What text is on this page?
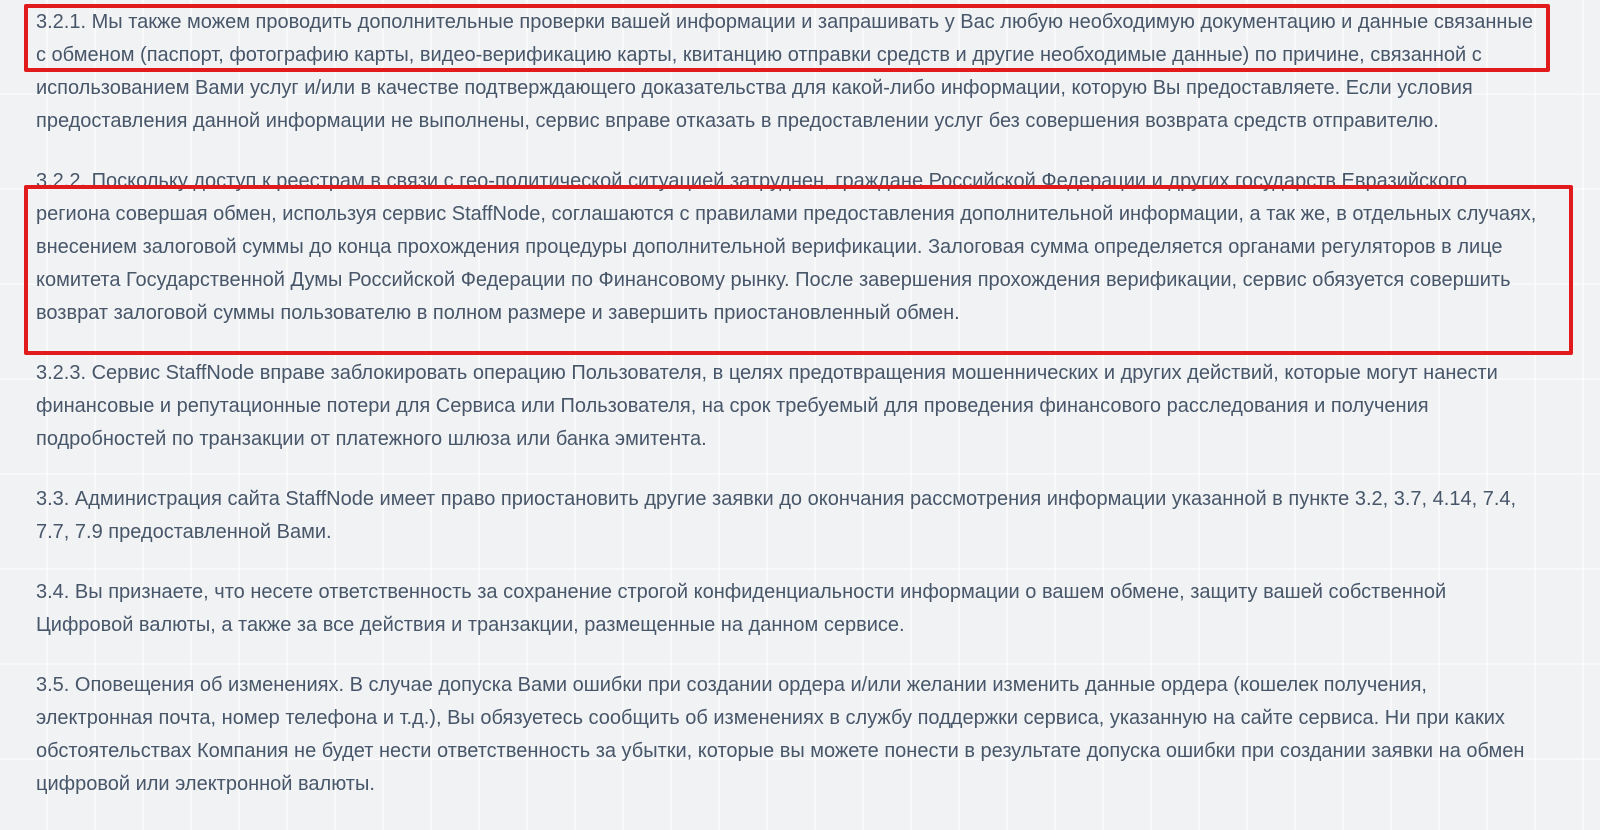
3.2.1. Мы также можем проводить дополнительные проверки вашей информации и запрашивать у Вас любую необходимую документацию и данные связанные с обменом (паспорт, фотографию карты, видео-верификацию карты, квитанцию отправки средств и другие необходимые данные) по причине, связанной с использованием Вами услуг и/или в качестве подтверждающего доказательства для какой-либо информации, которую Вы предоставляете. Если условия предоставления данной информации не выполнены, сервис вправе отказать в предоставлении услуг без совершения возврата средств отправителю.

3.2.2. Поскольку доступ к реестрам в связи с гео-политической ситуацией затруднен, граждане Российской Федерации и других государств Евразийского региона совершая обмен, используя сервис StaffNode, соглашаются с правилами предоставления дополнительной информации, а так же, в отдельных случаях, внесением залоговой суммы до конца прохождения процедуры дополнительной верификации. Залоговая сумма определяется органами регуляторов в лице комитета Государственной Думы Российской Федерации по Финансовому рынку. После завершения прохождения верификации, сервис обязуется совершить возврат залоговой суммы пользователю в полном размере и завершить приостановленный обмен.

3.2.3. Сервис StaffNode вправе заблокировать операцию Пользователя, в целях предотвращения мошеннических и других действий, которые могут нанести финансовые и репутационные потери для Сервиса или Пользователя, на срок требуемый для проведения финансового расследования и получения подробностей по транзакции от платежного шлюза или банка эмитента.

3.3. Администрация сайта StaffNode имеет право приостановить другие заявки до окончания рассмотрения информации указанной в пункте 3.2, 3.7, 4.14, 7.4, 7.7, 7.9 предоставленной Вами.

3.4. Вы признаете, что несете ответственность за сохранение строгой конфиденциальности информации о вашем обмене, защиту вашей собственной Цифровой валюты, а также за все действия и транзакции, размещенные на данном сервисе.

3.5. Оповещения об изменениях. В случае допуска Вами ошибки при создании ордера и/или желании изменить данные ордера (кошелек получения, электронная почта, номер телефона и т.д.), Вы обязуетесь сообщить об изменениях в службу поддержки сервиса, указанную на сайте сервиса. Ни при каких обстоятельствах Компания не будет нести ответственность за убытки, которые вы можете понести в результате допуска ошибки при создании заявки на обмен цифровой или электронной валюты.
